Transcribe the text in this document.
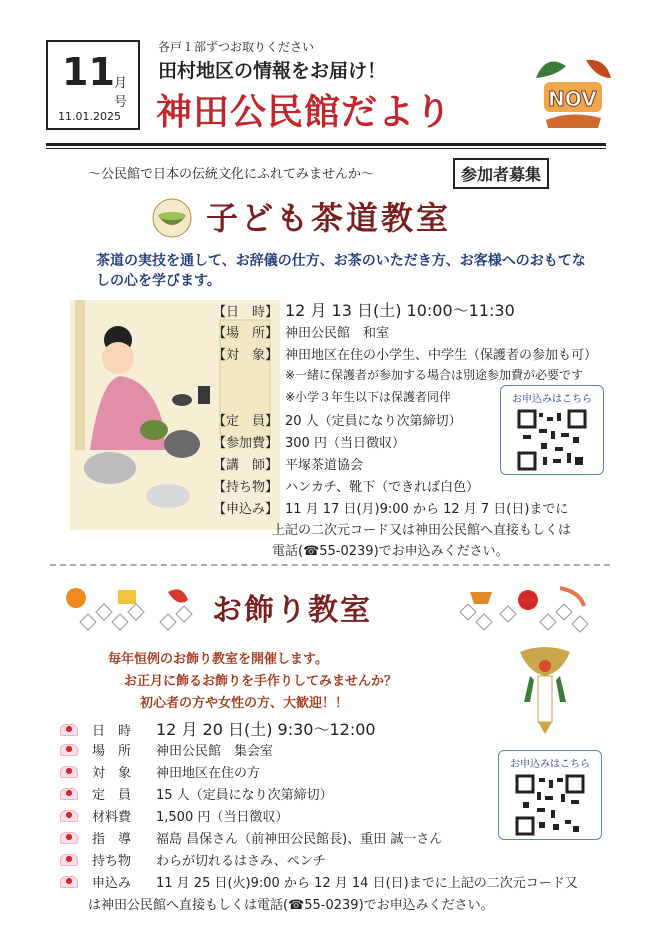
11 月号
11.01.2025
各戸１部ずつお取りください
田村地区の情報をお届け！
神田公民館だより	NOV
～公民館で日本の伝統文化にふれてみませんか～	参加者募集
子ども茶道教室
茶道の実技を通して、お辞儀の仕方、お茶のいただき方、お客様へのおもてなしの心を学びます。
【日　時】 12 月 13 日(土) 10:00～11:30
【場　所】 神田公民館　和室
【対　象】 神田地区在住の小学生、中学生（保護者の参加も可）
※一緒に保護者が参加する場合は別途参加費が必要です
※小学３年生以下は保護者同伴
【定　員】 20 人（定員になり次第締切）
【参加費】 300 円（当日徴収）
【講　師】 平塚茶道協会
【持ち物】 ハンカチ、靴下（できれば白色）
【申込み】 11 月 17 日(月)9:00 から 12 月 7 日(日)までに
上記の二次元コード又は神田公民館へ直接もしくは
電話(☎55-0239)でお申込みください。
お申込みはこちら
お飾り教室
毎年恒例のお飾り教室を開催します。
お正月に飾るお飾りを手作りしてみませんか？
初心者の方や女性の方、大歓迎！！
日　時 12 月 20 日(土) 9:30～12:00
場　所 神田公民館　集会室
対　象 神田地区在住の方
定　員 15 人（定員になり次第締切）
材料費 1,500 円（当日徴収）
指　導 福島 昌保さん（前神田公民館長)、重田 誠一さん
持ち物 わらが切れるはさみ、ペンチ
申込み 11 月 25 日(火)9:00 から 12 月 14 日(日)までに上記の二次元コード又
は神田公民館へ直接もしくは電話(☎55-0239)でお申込みください。
お申込みはこちら
